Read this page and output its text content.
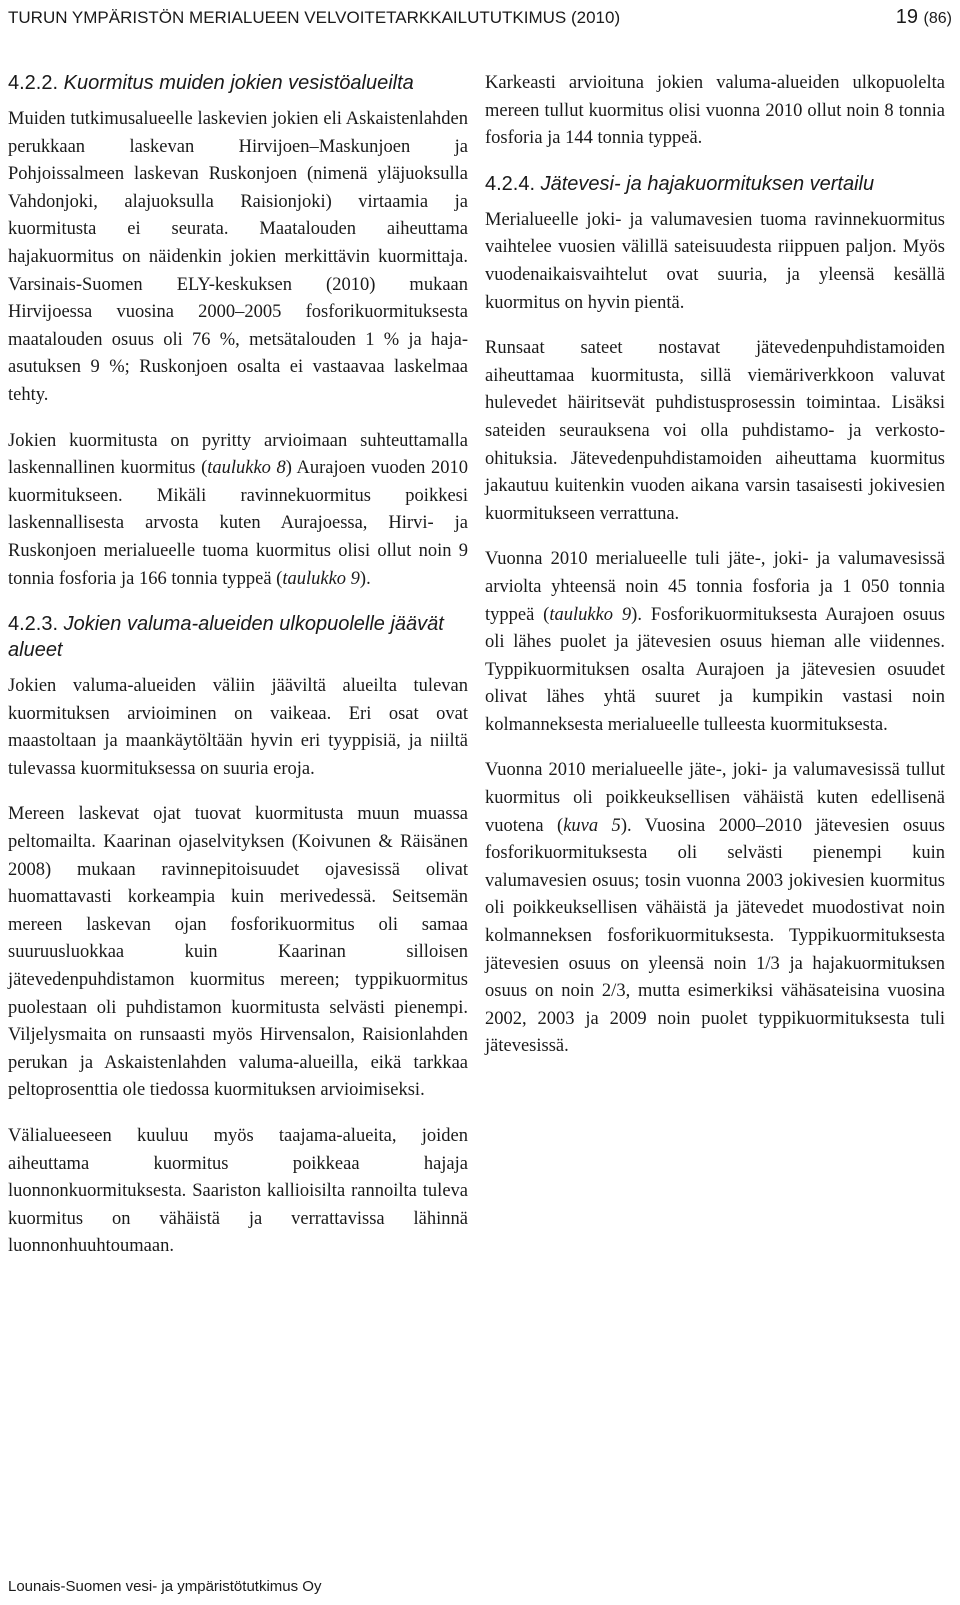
TURUN YMPÄRISTÖN MERIALUEEN VELVOITETARKKAILUTUTKIMUS (2010)	19 (86)
4.2.2. Kuormitus muiden jokien vesistöalueilta

Muiden tutkimusalueelle laskevien jokien eli Askaistenlahden perukkaan laskevan Hirvijoen–Maskunjoen ja Pohjoissalmeen laskevan Ruskonjoen (nimenä yläjuoksulla Vahdonjoki, alajuoksulla Raisionjoki) virtaamia ja kuormitusta ei seurata. Maatalouden aiheuttama hajakuormitus on näidenkin jokien merkittävin kuormittaja. Varsinais-Suomen ELY-keskuksen (2010) mukaan Hirvijoessa vuosina 2000–2005 fosforikuormituksesta maatalouden osuus oli 76 %, metsätalouden 1 % ja haja-asutuksen 9 %; Ruskonjoen osalta ei vastaavaa laskelmaa tehty.

Jokien kuormitusta on pyritty arvioimaan suhteuttamalla laskennallinen kuormitus (taulukko 8) Aurajoen vuoden 2010 kuormitukseen. Mikäli ravinnekuormitus poikkesi laskennallisesta arvosta kuten Aurajoessa, Hirvi- ja Ruskonjoen merialueelle tuoma kuormitus olisi ollut noin 9 tonnia fosforia ja 166 tonnia typpeä (taulukko 9).

4.2.3. Jokien valuma-alueiden ulkopuolelle jäävät alueet

Jokien valuma-alueiden väliin jääviltä alueilta tulevan kuormituksen arvioiminen on vaikeaa. Eri osat ovat maastoltaan ja maankäytöltään hyvin eri tyyppisiä, ja niiltä tulevassa kuormituksessa on suuria eroja.

Mereen laskevat ojat tuovat kuormitusta muun muassa peltomailta. Kaarinan ojaselvityksen (Koivunen & Räisänen 2008) mukaan ravinnepitoisuudet ojavesissä olivat huomattavasti korkeampia kuin merivedessä. Seitsemän mereen laskevan ojan fosforikuormitus oli samaa suuruusluokkaa kuin Kaarinan silloisen jätevedenpuhdistamon kuormitus mereen; typpikuormitus puolestaan oli puhdistamon kuormitusta selvästi pienempi. Viljelysmaita on runsaasti myös Hirvensalon, Raisionlahden perukan ja Askaistenlahden valuma-alueilla, eikä tarkkaa peltoprosenttia ole tiedossa kuormituksen arvioimiseksi.

Välialueeseen kuuluu myös taajama-alueita, joiden aiheuttama kuormitus poikkeaa hajaja luonnonkuormituksesta. Saariston kallioisilta rannoilta tuleva kuormitus on vähäistä ja verrattavissa lähinnä luonnonhuuhtoumaan.

Karkeasti arvioituna jokien valuma-alueiden ulkopuolelta mereen tullut kuormitus olisi vuonna 2010 ollut noin 8 tonnia fosforia ja 144 tonnia typpeä.

4.2.4. Jätevesi- ja hajakuormituksen vertailu

Merialueelle joki- ja valumavesien tuoma ravinnekuormitus vaihtelee vuosien välillä sateisuudesta riippuen paljon. Myös vuodenaikaisvaihtelut ovat suuria, ja yleensä kesällä kuormitus on hyvin pientä.

Runsaat sateet nostavat jätevedenpuhdistamoiden aiheuttamaa kuormitusta, sillä viemäriverkkoon valuvat hulevedet häiritsevät puhdistusprosessin toimintaa. Lisäksi sateiden seurauksena voi olla puhdistamo- ja verkosto-ohituksia. Jätevedenpuhdistamoiden aiheuttama kuormitus jakautuu kuitenkin vuoden aikana varsin tasaisesti jokivesien kuormitukseen verrattuna.

Vuonna 2010 merialueelle tuli jäte-, joki- ja valumavesissä arviolta yhteensä noin 45 tonnia fosforia ja 1 050 tonnia typpeä (taulukko 9). Fosforikuormituksesta Aurajoen osuus oli lähes puolet ja jätevesien osuus hieman alle viidennes. Typpikuormituksen osalta Aurajoen ja jätevesien osuudet olivat lähes yhtä suuret ja kumpikin vastasi noin kolmanneksesta merialueelle tulleesta kuormituksesta.

Vuonna 2010 merialueelle jäte-, joki- ja valumavesissä tullut kuormitus oli poikkeuksellisen vähäistä kuten edellisenä vuotena (kuva 5). Vuosina 2000–2010 jätevesien osuus fosforikuormituksesta oli selvästi pienempi kuin valumavesien osuus; tosin vuonna 2003 jokivesien kuormitus oli poikkeuksellisen vähäistä ja jätevedet muodostivat noin kolmanneksen fosforikuormituksesta. Typpikuormituksesta jätevesien osuus on yleensä noin 1/3 ja hajakuormituksen osuus on noin 2/3, mutta esimerkiksi vähäsateisina vuosina 2002, 2003 ja 2009 noin puolet typpikuormituksesta tuli jätevesissä.

Lounais-Suomen vesi- ja ympäristötutkimus Oy
